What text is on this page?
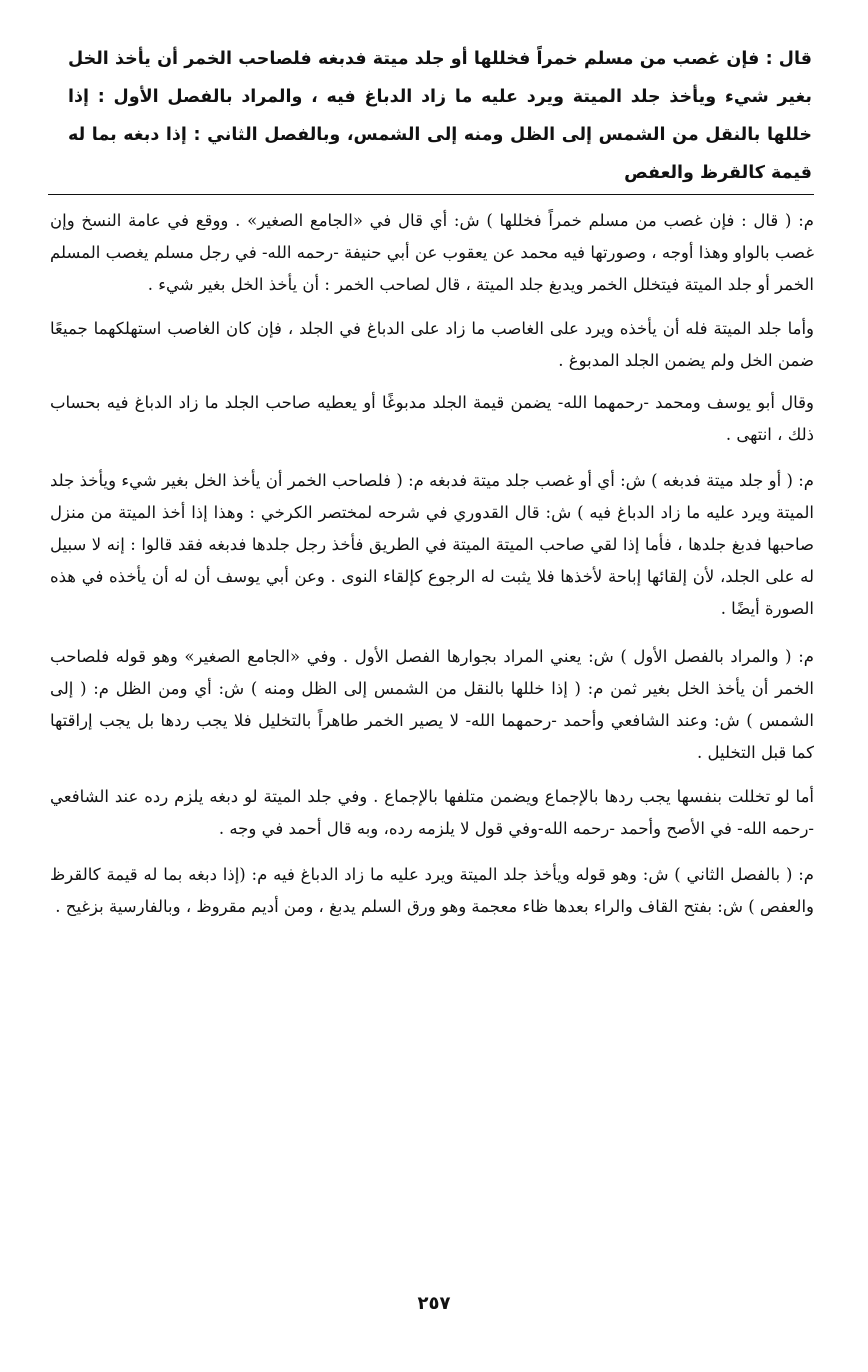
قال : فإن غصب من مسلم خمراً فخللها أو جلد ميتة فدبغه فلصاحب الخمر أن يأخذ الخل بغير شيء ويأخذ جلد الميتة ويرد عليه ما زاد الدباغ فيه ، والمراد بالفصل الأول : إذا خللها بالنقل من الشمس إلى الظل ومنه إلى الشمس، وبالفصل الثاني : إذا دبغه بما له قيمة كالقرظ والعفص

م: ( قال : فإن غصب من مسلم خمراً فخللها ) ش: أي قال في «الجامع الصغير» . ووقع في عامة النسخ وإن غصب بالواو وهذا أوجه ، وصورتها فيه محمد عن يعقوب عن أبي حنيفة -رحمه الله- في رجل مسلم يغصب المسلم الخمر أو جلد الميتة فيتخلل الخمر ويدبغ جلد الميتة ، قال لصاحب الخمر : أن يأخذ الخل بغير شيء .

وأما جلد الميتة فله أن يأخذه ويرد على الغاصب ما زاد على الدباغ في الجلد ، فإن كان الغاصب استهلكهما جميعًا ضمن الخل ولم يضمن الجلد المدبوغ .

وقال أبو يوسف ومحمد -رحمهما الله- يضمن قيمة الجلد مدبوغًا أو يعطيه صاحب الجلد ما زاد الدباغ فيه بحساب ذلك ، انتهى .

م: ( أو جلد ميتة فدبغه ) ش: أي أو غصب جلد ميتة فدبغه م: ( فلصاحب الخمر أن يأخذ الخل بغير شيء ويأخذ جلد الميتة ويرد عليه ما زاد الدباغ فيه ) ش: قال القدوري في شرحه لمختصر الكرخي : وهذا إذا أخذ الميتة من منزل صاحبها فدبغ جلدها ، فأما إذا لقي صاحب الميتة الميتة في الطريق فأخذ رجل جلدها فدبغه فقد قالوا : إنه لا سبيل له على الجلد، لأن إلقائها إباحة لأخذها فلا يثبت له الرجوع كإلقاء النوى . وعن أبي يوسف أن له أن يأخذه في هذه الصورة أيضًا .

م: ( والمراد بالفصل الأول ) ش: يعني المراد بجوارها الفصل الأول . وفي «الجامع الصغير» وهو قوله فلصاحب الخمر أن يأخذ الخل بغير ثمن م: ( إذا خللها بالنقل من الشمس إلى الظل ومنه ) ش: أي ومن الظل م: ( إلى الشمس ) ش: وعند الشافعي وأحمد -رحمهما الله- لا يصير الخمر طاهراً بالتخليل فلا يجب ردها بل يجب إراقتها كما قبل التخليل .

أما لو تخللت بنفسها يجب ردها بالإجماع ويضمن متلفها بالإجماع . وفي جلد الميتة لو دبغه يلزم رده عند الشافعي -رحمه الله- في الأصح وأحمد -رحمه الله-وفي قول لا يلزمه رده، وبه قال أحمد في وجه .

م: ( بالفصل الثاني ) ش: وهو قوله ويأخذ جلد الميتة ويرد عليه ما زاد الدباغ فيه م: (إذا دبغه بما له قيمة كالقرظ والعفص ) ش: بفتح القاف والراء بعدها ظاء معجمة وهو ورق السلم يدبغ ، ومن أديم مقروظ ، وبالفارسية بزغيح .

٢٥٧
